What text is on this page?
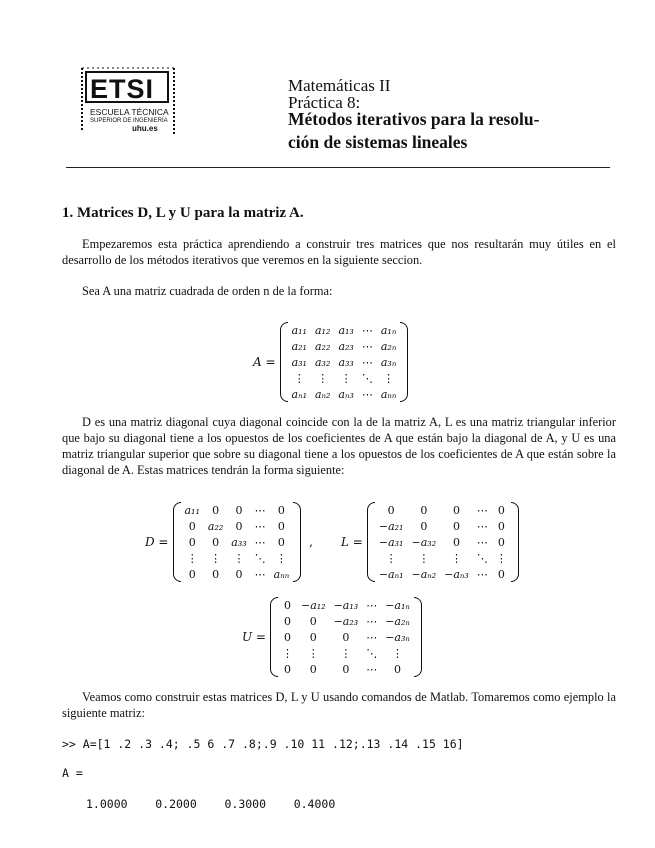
ETSI
ESCUELA TÉCNICA
SUPERIOR DE INGENIERÍA
uhu.es
Matemáticas II
Práctica 8:
Métodos iterativos para la resolu-
ción de sistemas lineales
1. Matrices D, L y U para la matriz A.
Empezaremos esta práctica aprendiendo a construir tres matrices que nos resultarán muy útiles en el desarrollo de los métodos iterativos que veremos en la siguiente seccion.
Sea A una matriz cuadrada de orden n de la forma:
A =
a₁₁	a₁₂	a₁₃	⋯	a₁ₙ
a₂₁	a₂₂	a₂₃	⋯	a₂ₙ
a₃₁	a₃₂	a₃₃	⋯	a₃ₙ
⋮	⋮	⋮	⋱	⋮
aₙ₁	aₙ₂	aₙ₃	⋯	aₙₙ
D es una matriz diagonal cuya diagonal coincide con la de la matriz A, L es una matriz triangular inferior que bajo su diagonal tiene a los opuestos de los coeficientes de A que están bajo la diagonal de A, y U es una matriz triangular superior que sobre su diagonal tiene a los opuestos de los coeficientes de A que están sobre la diagonal de A. Estas matrices tendrán la forma siguiente:
D =
a₁₁	0	0	⋯	0
0	a₂₂	0	⋯	0
0	0	a₃₃	⋯	0
⋮	⋮	⋮	⋱	⋮
0	0	0	⋯	aₙₙ
, L =
0	0	0	⋯	0
−a₂₁	0	0	⋯	0
−a₃₁	−a₃₂	0	⋯	0
⋮	⋮	⋮	⋱	⋮
−aₙ₁	−aₙ₂	−aₙ₃	⋯	0
U =
0	−a₁₂	−a₁₃	⋯	−a₁ₙ
0	0	−a₂₃	⋯	−a₂ₙ
0	0	0	⋯	−a₃ₙ
⋮	⋮	⋮	⋱	⋮
0	0	0	⋯	0
Veamos como construir estas matrices D, L y U usando comandos de Matlab. Tomaremos como ejemplo la siguiente matriz:
>> A=[1 .2 .3 .4; .5 6 .7 .8;.9 .10 11 .12;.13 .14 .15 16]
A =
1.0000    0.2000    0.3000    0.4000
